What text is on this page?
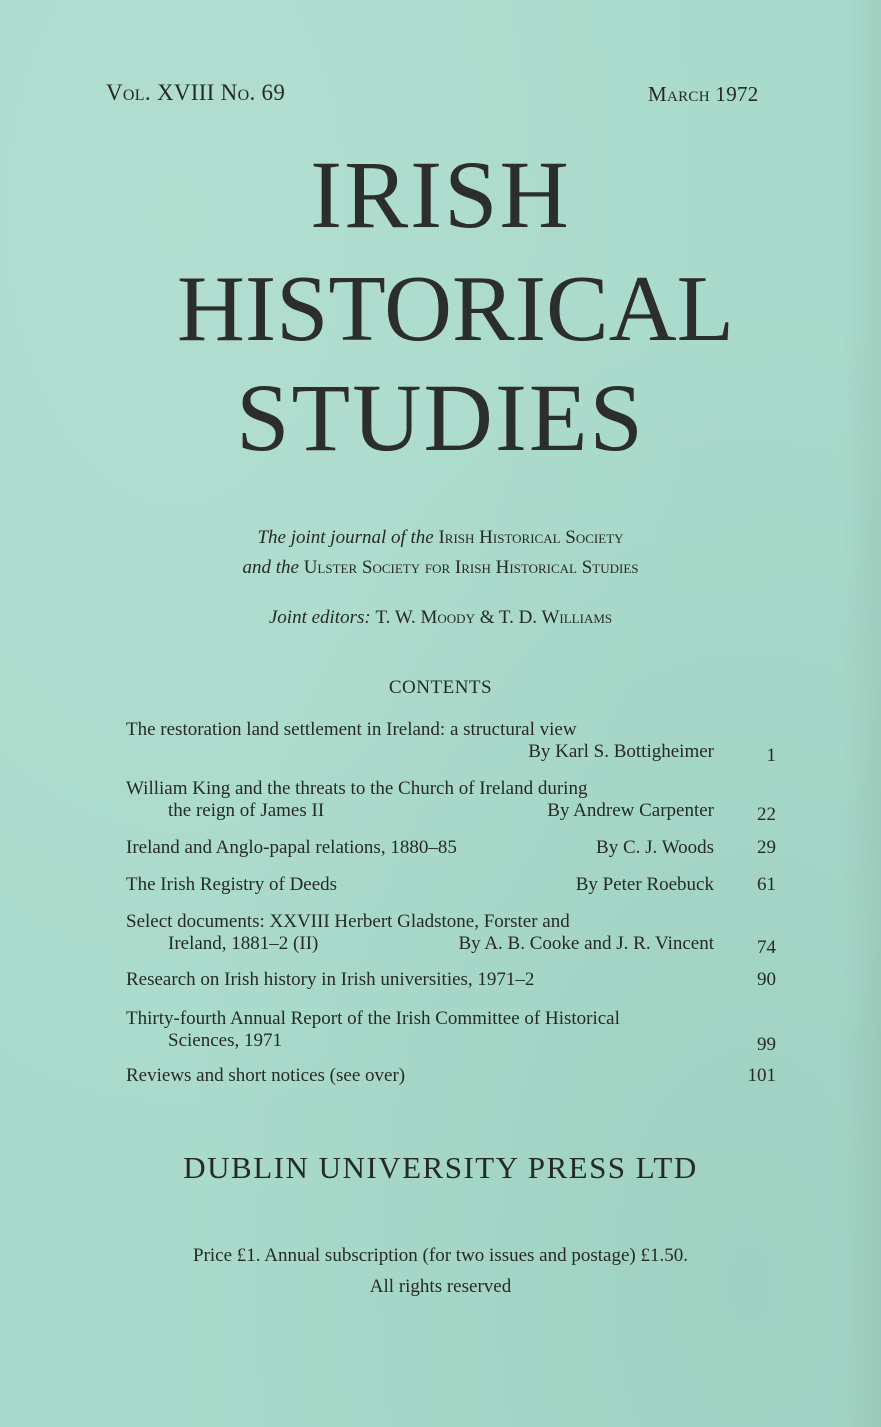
Vol. XVIII No. 69	March 1972
IRISH
HISTORICAL
STUDIES
The joint journal of the Irish Historical Society
and the Ulster Society for Irish Historical Studies
Joint editors: T. W. Moody & T. D. Williams
CONTENTS
The restoration land settlement in Ireland: a structural view
By Karl S. Bottigheimer	1
William King and the threats to the Church of Ireland during
the reign of James II	By Andrew Carpenter	22
Ireland and Anglo-papal relations, 1880–85	By C. J. Woods	29
The Irish Registry of Deeds	By Peter Roebuck	61
Select documents: XXVIII Herbert Gladstone, Forster and
Ireland, 1881–2 (II)	By A. B. Cooke and J. R. Vincent	74
Research on Irish history in Irish universities, 1971–2	90
Thirty-fourth Annual Report of the Irish Committee of Historical
Sciences, 1971	99
Reviews and short notices (see over)	101
DUBLIN UNIVERSITY PRESS LTD
Price £1. Annual subscription (for two issues and postage) £1.50.
All rights reserved
